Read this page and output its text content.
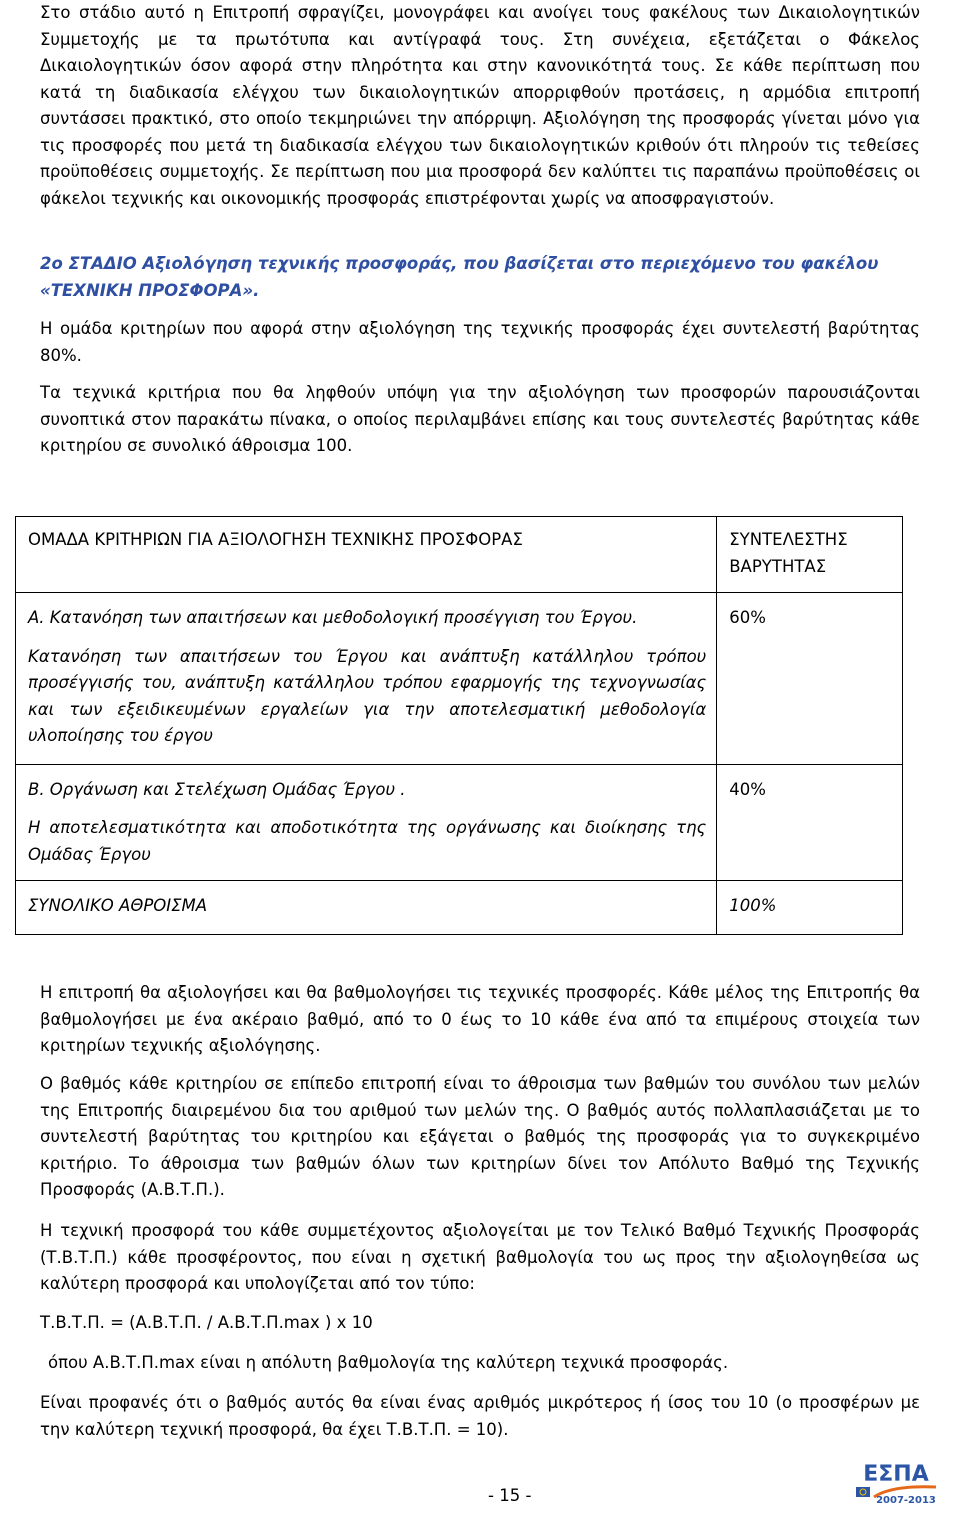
Στο στάδιο αυτό η Επιτροπή σφραγίζει, μονογράφει και ανοίγει τους φακέλους των Δικαιολογητικών Συμμετοχής με τα πρωτότυπα και αντίγραφά τους. Στη συνέχεια, εξετάζεται ο Φάκελος Δικαιολογητικών όσον αφορά στην πληρότητα και στην κανονικότητά τους. Σε κάθε περίπτωση που κατά τη διαδικασία ελέγχου των δικαιολογητικών απορριφθούν προτάσεις, η αρμόδια επιτροπή συντάσσει πρακτικό, στο οποίο τεκμηριώνει την απόρριψη. Αξιολόγηση της προσφοράς γίνεται μόνο για τις προσφορές που μετά τη διαδικασία ελέγχου των δικαιολογητικών κριθούν ότι πληρούν τις τεθείσες προϋποθέσεις συμμετοχής. Σε περίπτωση που μια προσφορά δεν καλύπτει τις παραπάνω προϋποθέσεις οι φάκελοι τεχνικής και οικονομικής προσφοράς επιστρέφονται χωρίς να αποσφραγιστούν.

2ο ΣΤΑΔΙΟ Αξιολόγηση τεχνικής προσφοράς, που βασίζεται στο περιεχόμενο του φακέλου «ΤΕΧΝΙΚΗ ΠΡΟΣΦΟΡΑ».

Η ομάδα κριτηρίων που αφορά στην αξιολόγηση της τεχνικής προσφοράς έχει συντελεστή βαρύτητας 80%.

Τα τεχνικά κριτήρια που θα ληφθούν υπόψη για την αξιολόγηση των προσφορών παρουσιάζονται συνοπτικά στον παρακάτω πίνακα, ο οποίος περιλαμβάνει επίσης και τους συντελεστές βαρύτητας κάθε κριτηρίου σε συνολικό άθροισμα 100.

ΟΜΑΔΑ ΚΡΙΤΗΡΙΩΝ ΓΙΑ ΑΞΙΟΛΟΓΗΣΗ ΤΕΧΝΙΚΗΣ ΠΡΟΣΦΟΡΑΣ	ΣΥΝΤΕΛΕΣΤΗΣ ΒΑΡΥΤΗΤΑΣ

Α. Κατανόηση των απαιτήσεων και μεθοδολογική προσέγγιση του Έργου.

Κατανόηση των απαιτήσεων του Έργου και ανάπτυξη κατάλληλου τρόπου προσέγγισής του, ανάπτυξη κατάλληλου τρόπου εφαρμογής της τεχνογνωσίας και των εξειδικευμένων εργαλείων για την αποτελεσματική μεθοδολογία υλοποίησης του έργου	60%

Β. Οργάνωση και Στελέχωση Ομάδας Έργου .

Η αποτελεσματικότητα και αποδοτικότητα της οργάνωσης και διοίκησης της Ομάδας Έργου	40%

ΣΥΝΟΛΙΚΟ ΑΘΡΟΙΣΜΑ	100%

Η επιτροπή θα αξιολογήσει και θα βαθμολογήσει τις τεχνικές προσφορές. Κάθε μέλος της Επιτροπής θα βαθμολογήσει με ένα ακέραιο βαθμό, από το 0 έως το 10 κάθε ένα από τα επιμέρους στοιχεία των κριτηρίων τεχνικής αξιολόγησης.

Ο βαθμός κάθε κριτηρίου σε επίπεδο επιτροπή είναι το άθροισμα των βαθμών του συνόλου των μελών της Επιτροπής διαιρεμένου δια του αριθμού των μελών της. Ο βαθμός αυτός πολλαπλασιάζεται με το συντελεστή βαρύτητας του κριτηρίου και εξάγεται ο βαθμός της προσφοράς για το συγκεκριμένο κριτήριο. Το άθροισμα των βαθμών όλων των κριτηρίων δίνει τον Απόλυτο Βαθμό της Τεχνικής Προσφοράς (Α.Β.Τ.Π.).

Η τεχνική προσφορά του κάθε συμμετέχοντος αξιολογείται με τον Τελικό Βαθμό Τεχνικής Προσφοράς (Τ.Β.Τ.Π.) κάθε προσφέροντος, που είναι η σχετική βαθμολογία του ως προς την αξιολογηθείσα ως καλύτερη προσφορά και υπολογίζεται από τον τύπο:

Τ.Β.Τ.Π. = (Α.Β.Τ.Π. / Α.Β.Τ.Π.max ) x 10

όπου Α.Β.Τ.Π.max είναι η απόλυτη βαθμολογία της καλύτερη τεχνικά προσφοράς.

Είναι προφανές ότι ο βαθμός αυτός θα είναι ένας αριθμός μικρότερος ή ίσος του 10 (ο προσφέρων με την καλύτερη τεχνική προσφορά, θα έχει Τ.Β.Τ.Π. = 10).

- 15 -
ΕΣΠΑ
2007-2013
